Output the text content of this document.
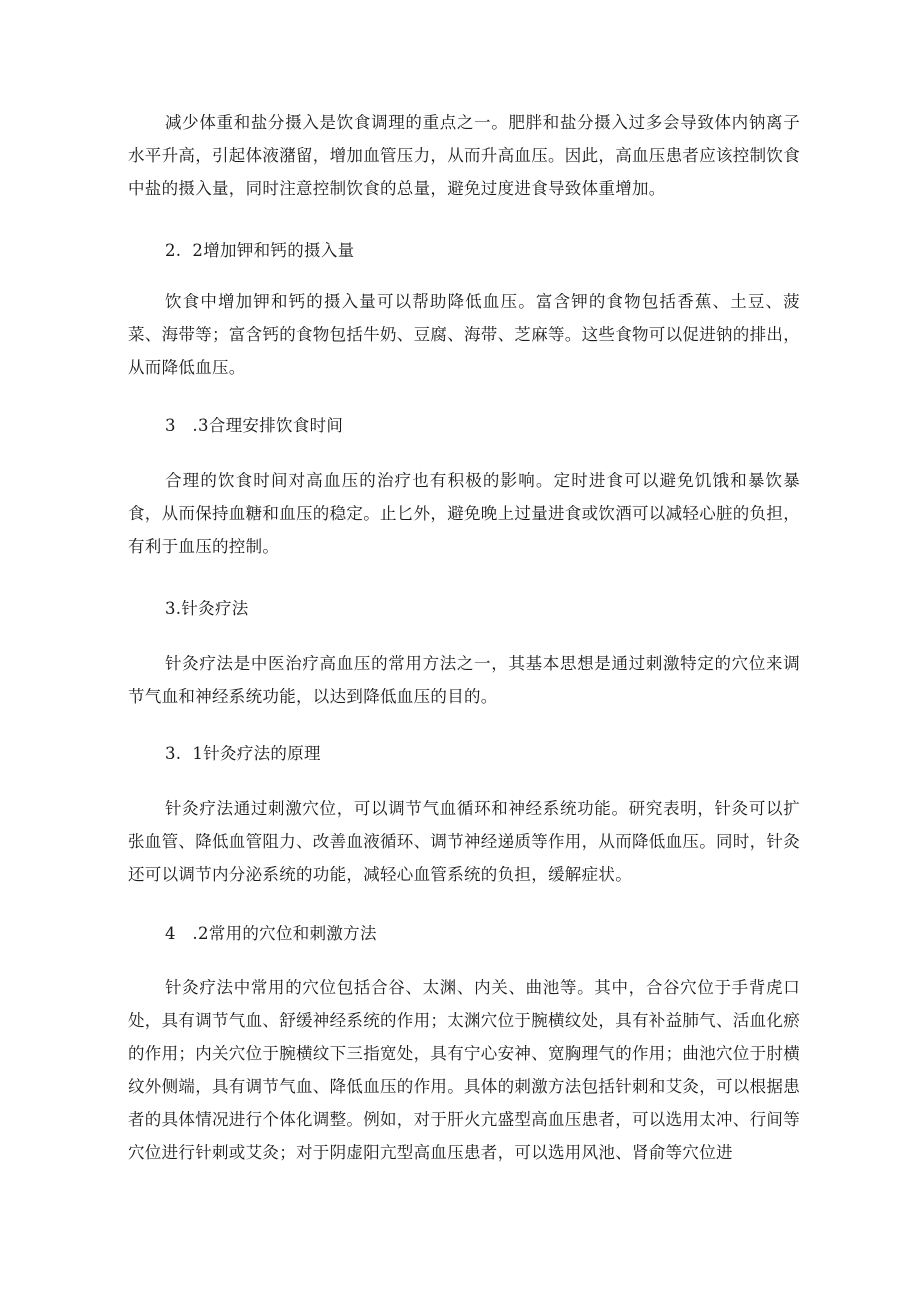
减少体重和盐分摄入是饮食调理的重点之一。肥胖和盐分摄入过多会导致体内钠离子水平升高，引起体液潴留，增加血管压力，从而升高血压。因此，高血压患者应该控制饮食中盐的摄入量，同时注意控制饮食的总量，避免过度进食导致体重增加。

2.  2增加钾和钙的摄入量

饮食中增加钾和钙的摄入量可以帮助降低血压。富含钾的食物包括香蕉、土豆、菠菜、海带等；富含钙的食物包括牛奶、豆腐、海带、芝麻等。这些食物可以促进钠的排出，从而降低血压。

3   .3合理安排饮食时间

合理的饮食时间对高血压的治疗也有积极的影响。定时进食可以避免饥饿和暴饮暴食，从而保持血糖和血压的稳定。止匕外，避免晚上过量进食或饮酒可以减轻心脏的负担，有利于血压的控制。

3.针灸疗法

针灸疗法是中医治疗高血压的常用方法之一，其基本思想是通过刺激特定的穴位来调节气血和神经系统功能，以达到降低血压的目的。

3.  1针灸疗法的原理

针灸疗法通过刺激穴位，可以调节气血循环和神经系统功能。研究表明，针灸可以扩张血管、降低血管阻力、改善血液循环、调节神经递质等作用，从而降低血压。同时，针灸还可以调节内分泌系统的功能，减轻心血管系统的负担，缓解症状。

4   .2常用的穴位和刺激方法

针灸疗法中常用的穴位包括合谷、太渊、内关、曲池等。其中，合谷穴位于手背虎口处，具有调节气血、舒缓神经系统的作用；太渊穴位于腕横纹处，具有补益肺气、活血化瘀的作用；内关穴位于腕横纹下三指宽处，具有宁心安神、宽胸理气的作用；曲池穴位于肘横纹外侧端，具有调节气血、降低血压的作用。具体的刺激方法包括针刺和艾灸，可以根据患者的具体情况进行个体化调整。例如，对于肝火亢盛型高血压患者，可以选用太冲、行间等穴位进行针刺或艾灸；对于阴虚阳亢型高血压患者，可以选用风池、肾俞等穴位进
